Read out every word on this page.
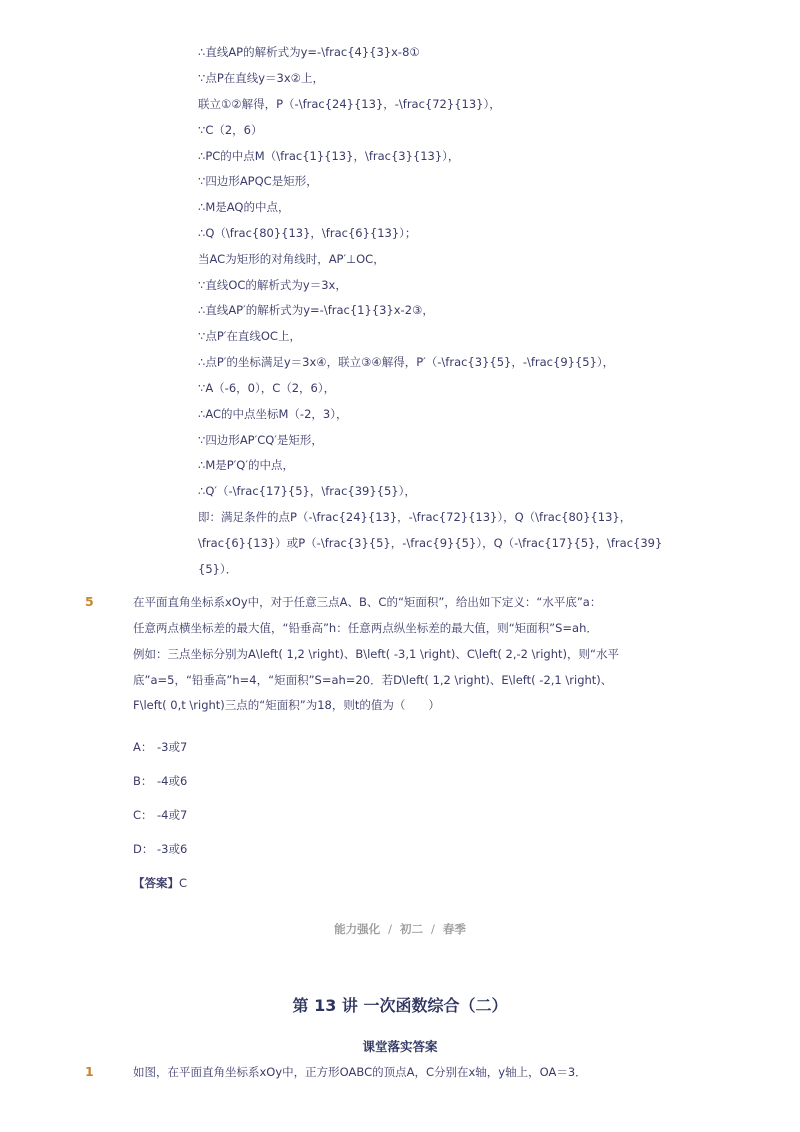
∴直线AP的解析式为y=-\frac{4}{3}x-8①
∵点P在直线y＝3x②上，
联立①②解得，P（-\frac{24}{13}，-\frac{72}{13}），
∵C（2，6）
∴PC的中点M（\frac{1}{13}，\frac{3}{13}），
∵四边形APQC是矩形，
∴M是AQ的中点，
∴Q（\frac{80}{13}，\frac{6}{13}）；
当AC为矩形的对角线时，AP′⊥OC，
∵直线OC的解析式为y＝3x，
∴直线AP′的解析式为y=-\frac{1}{3}x-2③，
∵点P′在直线OC上，
∴点P′的坐标满足y＝3x④，联立③④解得，P′（-\frac{3}{5}，-\frac{9}{5}），
∵A（-6，0），C（2，6），
∴AC的中点坐标M（-2，3），
∵四边形AP′CQ′是矩形，
∴M是P′Q′的中点，
∴Q′（-\frac{17}{5}，\frac{39}{5}），
即：满足条件的点P（-\frac{24}{13}，-\frac{72}{13}），Q（\frac{80}{13}，
\frac{6}{13}）或P（-\frac{3}{5}，-\frac{9}{5}），Q（-\frac{17}{5}，\frac{39}
{5}）．
5	在平面直角坐标系xOy中，对于任意三点A、B、C的“矩面积”，给出如下定义：“水平底”a：
任意两点横坐标差的最大值，“铅垂高”h：任意两点纵坐标差的最大值，则“矩面积”S=ah．
例如：三点坐标分别为A\left( 1,2 \right)、B\left( -3,1 \right)、C\left( 2,-2 \right)，则“水平
底”a=5，“铅垂高”h=4，“矩面积”S=ah=20．若D\left( 1,2 \right)、E\left( -2,1 \right)、
F\left( 0,t \right)三点的“矩面积”为18，则t的值为（　　）
A： -3或7
B： -4或6
C： -4或7
D： -3或6
【答案】C
能力强化 / 初二 / 春季
第 13 讲 一次函数综合（二）
课堂落实答案
1	如图，在平面直角坐标系xOy中，正方形OABC的顶点A，C分别在x轴，y轴上，OA＝3．
